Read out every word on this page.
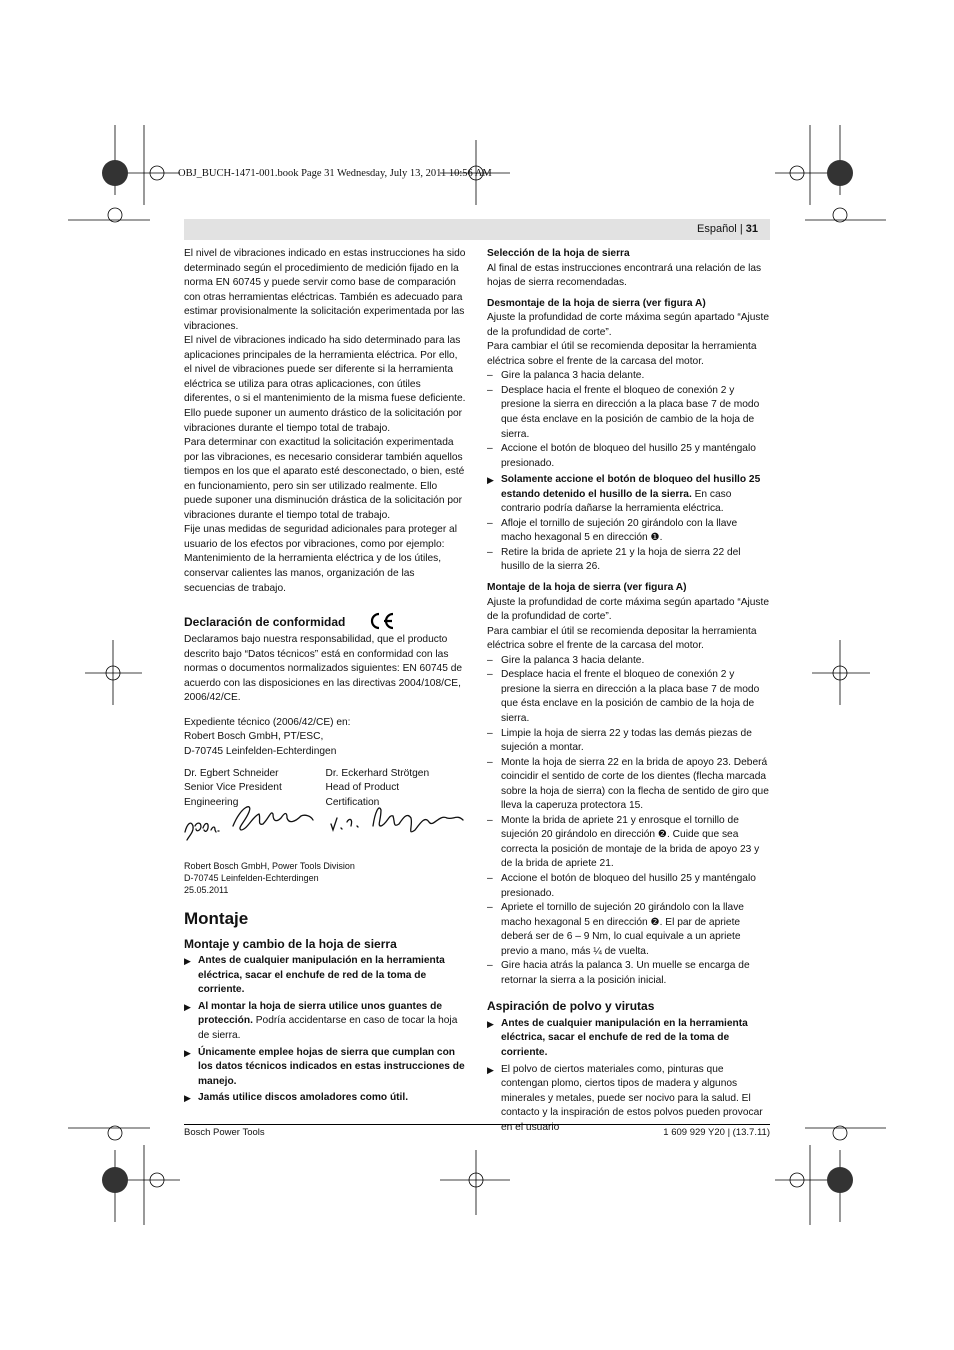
OBJ_BUCH-1471-001.book Page 31 Wednesday, July 13, 2011 10:56 AM
Español | 31

El nivel de vibraciones indicado en estas instrucciones ha sido determinado según el procedimiento de medición fijado en la norma EN 60745 y puede servir como base de comparación con otras herramientas eléctricas. También es adecuado para estimar provisionalmente la solicitación experimentada por las vibraciones.

El nivel de vibraciones indicado ha sido determinado para las aplicaciones principales de la herramienta eléctrica. Por ello, el nivel de vibraciones puede ser diferente si la herramienta eléctrica se utiliza para otras aplicaciones, con útiles diferentes, o si el mantenimiento de la misma fuese deficiente. Ello puede suponer un aumento drástico de la solicitación por vibraciones durante el tiempo total de trabajo.

Para determinar con exactitud la solicitación experimentada por las vibraciones, es necesario considerar también aquellos tiempos en los que el aparato esté desconectado, o bien, esté en funcionamiento, pero sin ser utilizado realmente. Ello puede suponer una disminución drástica de la solicitación por vibraciones durante el tiempo total de trabajo.

Fije unas medidas de seguridad adicionales para proteger al usuario de los efectos por vibraciones, como por ejemplo: Mantenimiento de la herramienta eléctrica y de los útiles, conservar calientes las manos, organización de las secuencias de trabajo.

Declaración de conformidad

Declaramos bajo nuestra responsabilidad, que el producto descrito bajo “Datos técnicos” está en conformidad con las normas o documentos normalizados siguientes: EN 60745 de acuerdo con las disposiciones en las directivas 2004/108/CE, 2006/42/CE.

Expediente técnico (2006/42/CE) en:

Robert Bosch GmbH, PT/ESC,

D-70745 Leinfelden-Echterdingen

Dr. Egbert Schneider

Senior Vice President

Engineering

Dr. Eckerhard Strötgen

Head of Product

Certification

Robert Bosch GmbH, Power Tools Division

D-70745 Leinfelden-Echterdingen

25.05.2011

Montaje

Montaje y cambio de la hoja de sierra

▶ Antes de cualquier manipulación en la herramienta eléctrica, sacar el enchufe de red de la toma de corriente.

▶ Al montar la hoja de sierra utilice unos guantes de protección. Podría accidentarse en caso de tocar la hoja de sierra.

▶ Únicamente emplee hojas de sierra que cumplan con los datos técnicos indicados en estas instrucciones de manejo.

▶ Jamás utilice discos amoladores como útil.

Selección de la hoja de sierra

Al final de estas instrucciones encontrará una relación de las hojas de sierra recomendadas.

Desmontaje de la hoja de sierra (ver figura A)

Ajuste la profundidad de corte máxima según apartado “Ajuste de la profundidad de corte”.

Para cambiar el útil se recomienda depositar la herramienta eléctrica sobre el frente de la carcasa del motor.

– Gire la palanca 3 hacia delante.

– Desplace hacia el frente el bloqueo de conexión 2 y presione la sierra en dirección a la placa base 7 de modo que ésta enclave en la posición de cambio de la hoja de sierra.

– Accione el botón de bloqueo del husillo 25 y manténgalo presionado.

▶ Solamente accione el botón de bloqueo del husillo 25 estando detenido el husillo de la sierra. En caso contrario podría dañarse la herramienta eléctrica.

– Afloje el tornillo de sujeción 20 girándolo con la llave macho hexagonal 5 en dirección ❶.

– Retire la brida de apriete 21 y la hoja de sierra 22 del husillo de la sierra 26.

Montaje de la hoja de sierra (ver figura A)

Ajuste la profundidad de corte máxima según apartado “Ajuste de la profundidad de corte”.

Para cambiar el útil se recomienda depositar la herramienta eléctrica sobre el frente de la carcasa del motor.

– Gire la palanca 3 hacia delante.

– Desplace hacia el frente el bloqueo de conexión 2 y presione la sierra en dirección a la placa base 7 de modo que ésta enclave en la posición de cambio de la hoja de sierra.

– Limpie la hoja de sierra 22 y todas las demás piezas de sujeción a montar.

– Monte la hoja de sierra 22 en la brida de apoyo 23. Deberá coincidir el sentido de corte de los dientes (flecha marcada sobre la hoja de sierra) con la flecha de sentido de giro que lleva la caperuza protectora 15.

– Monte la brida de apriete 21 y enrosque el tornillo de sujeción 20 girándolo en dirección ❷. Cuide que sea correcta la posición de montaje de la brida de apoyo 23 y de la brida de apriete 21.

– Accione el botón de bloqueo del husillo 25 y manténgalo presionado.

– Apriete el tornillo de sujeción 20 girándolo con la llave macho hexagonal 5 en dirección ❷. El par de apriete deberá ser de 6 – 9 Nm, lo cual equivale a un apriete previo a mano, más ¼ de vuelta.

– Gire hacia atrás la palanca 3. Un muelle se encarga de retornar la sierra a la posición inicial.

Aspiración de polvo y virutas

▶ Antes de cualquier manipulación en la herramienta eléctrica, sacar el enchufe de red de la toma de corriente.

▶ El polvo de ciertos materiales como, pinturas que contengan plomo, ciertos tipos de madera y algunos minerales y metales, puede ser nocivo para la salud. El contacto y la inspiración de estos polvos pueden provocar en el usuario

Bosch Power Tools	1 609 929 Y20 | (13.7.11)
